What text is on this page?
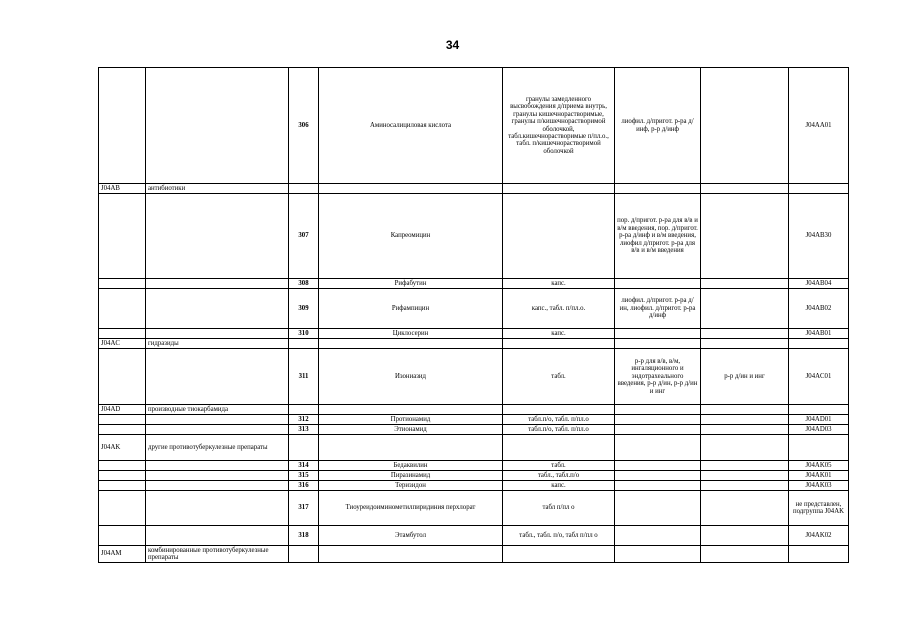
34
		306	Аминосалициловая кислота	гранулы замедленного высвобождения д/приема внутрь, гранулы кишечнорастворимые, гранулы п/кишечнорастворимой оболочкой, табл.кишечнорастворимые п/пл.о., табл. п/кишечнорастворимой оболочкой	лиофил. д/пригот. р-ра д/инф, р-р д/инф		J04AA01
J04AB	антибиотики						
		307	Капреомицин		пор. д/пригот. р-ра для в/в и в/м введения, пор. д/пригот. р-ра д/инф и в/м введения, лиофил д/пригот. р-ра для в/в и в/м введения		J04AB30
		308	Рифабутин	капс.			J04AB04
		309	Рифампицин	капс., табл. п/пл.о.	лиофил. д/пригот. р-ра д/ин, лиофил. д/пригот. р-ра д/инф		J04AB02
		310	Циклосерин	капс.			J04AB01
J04AC	гидразиды						
		311	Изониазид	табл.	р-р для в/в, в/м, ингаляционного и эндотрахеального введения, р-р д/ин, р-р д/ин и инг	р-р д/ин и инг	J04AC01
J04AD	производные тиокарбамида						
		312	Протионамид	табл.п/о, табл. п/пл.о			J04AD01
		313	Этионамид	табл.п/о, табл. п/пл.о			J04AD03
J04AK	другие противотуберкулезные препараты						
		314	Бедаквилин	табл.			J04AK05
		315	Пиразинамид	табл., табл.п/о			J04AK01
		316	Теризидон	капс.			J04AK03
		317	Тиоуреидоиминометилпиридиния перхлорат	табл п/пл о			не представлен, подгруппа J04AK
		318	Этамбутол	табл., табл. п/о, табл п/пл о			J04AK02
J04AM	комбинированные противотуберкулезные препараты						
